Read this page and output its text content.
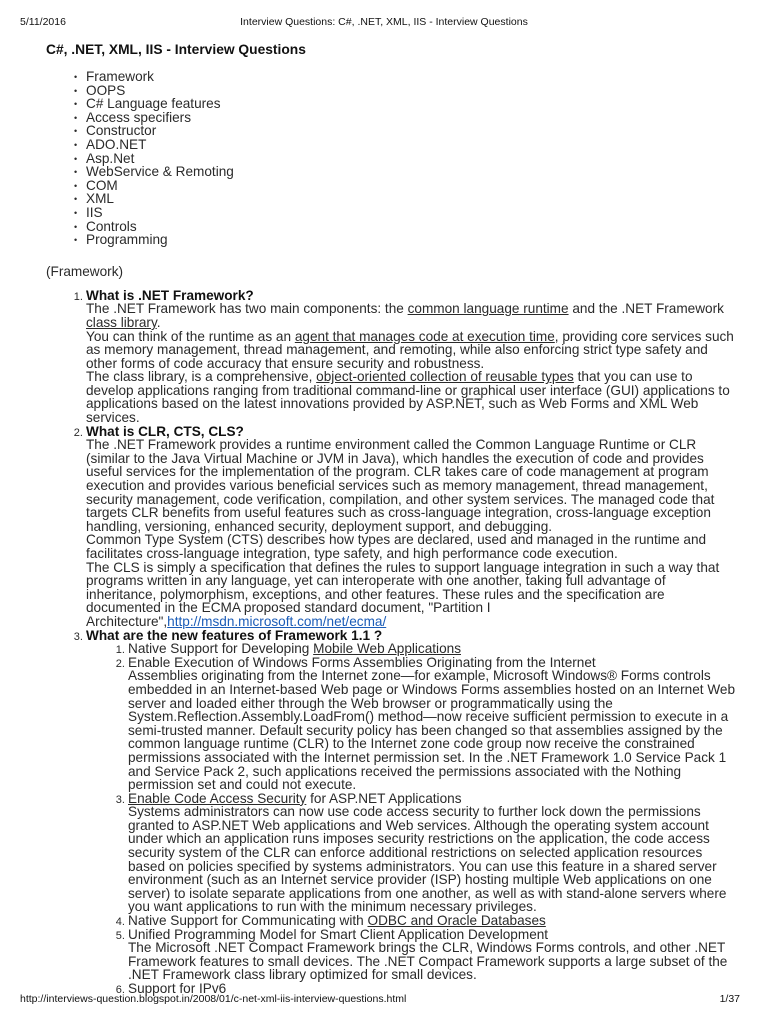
5/11/2016	Interview Questions: C#, .NET, XML, IIS - Interview Questions
C#, .NET, XML, IIS - Interview Questions
• Framework
• OOPS
• C# Language features
• Access specifiers
• Constructor
• ADO.NET
• Asp.Net
• WebService & Remoting
• COM
• XML
• IIS
• Controls
• Programming
(Framework)
1. What is .NET Framework?
The .NET Framework has two main components: the common language runtime and the .NET Framework class library.
You can think of the runtime as an agent that manages code at execution time, providing core services such as memory management, thread management, and remoting, while also enforcing strict type safety and other forms of code accuracy that ensure security and robustness.
The class library, is a comprehensive, object-oriented collection of reusable types that you can use to develop applications ranging from traditional command-line or graphical user interface (GUI) applications to applications based on the latest innovations provided by ASP.NET, such as Web Forms and XML Web services.
2. What is CLR, CTS, CLS?
The .NET Framework provides a runtime environment called the Common Language Runtime or CLR (similar to the Java Virtual Machine or JVM in Java), which handles the execution of code and provides useful services for the implementation of the program. CLR takes care of code management at program execution and provides various beneficial services such as memory management, thread management, security management, code verification, compilation, and other system services. The managed code that targets CLR benefits from useful features such as cross-language integration, cross-language exception handling, versioning, enhanced security, deployment support, and debugging.
Common Type System (CTS) describes how types are declared, used and managed in the runtime and facilitates cross-language integration, type safety, and high performance code execution.
The CLS is simply a specification that defines the rules to support language integration in such a way that programs written in any language, yet can interoperate with one another, taking full advantage of inheritance, polymorphism, exceptions, and other features. These rules and the specification are documented in the ECMA proposed standard document, "Partition I Architecture",http://msdn.microsoft.com/net/ecma/
3. What are the new features of Framework 1.1 ?
1. Native Support for Developing Mobile Web Applications
2. Enable Execution of Windows Forms Assemblies Originating from the Internet
Assemblies originating from the Internet zone—for example, Microsoft Windows® Forms controls embedded in an Internet-based Web page or Windows Forms assemblies hosted on an Internet Web server and loaded either through the Web browser or programmatically using the System.Reflection.Assembly.LoadFrom() method—now receive sufficient permission to execute in a semi-trusted manner. Default security policy has been changed so that assemblies assigned by the common language runtime (CLR) to the Internet zone code group now receive the constrained permissions associated with the Internet permission set. In the .NET Framework 1.0 Service Pack 1 and Service Pack 2, such applications received the permissions associated with the Nothing permission set and could not execute.
3. Enable Code Access Security for ASP.NET Applications
Systems administrators can now use code access security to further lock down the permissions granted to ASP.NET Web applications and Web services. Although the operating system account under which an application runs imposes security restrictions on the application, the code access security system of the CLR can enforce additional restrictions on selected application resources based on policies specified by systems administrators. You can use this feature in a shared server environment (such as an Internet service provider (ISP) hosting multiple Web applications on one server) to isolate separate applications from one another, as well as with stand-alone servers where you want applications to run with the minimum necessary privileges.
4. Native Support for Communicating with ODBC and Oracle Databases
5. Unified Programming Model for Smart Client Application Development
The Microsoft .NET Compact Framework brings the CLR, Windows Forms controls, and other .NET Framework features to small devices. The .NET Compact Framework supports a large subset of the .NET Framework class library optimized for small devices.
6. Support for IPv6
http://interviews-question.blogspot.in/2008/01/c-net-xml-iis-interview-questions.html	1/37
